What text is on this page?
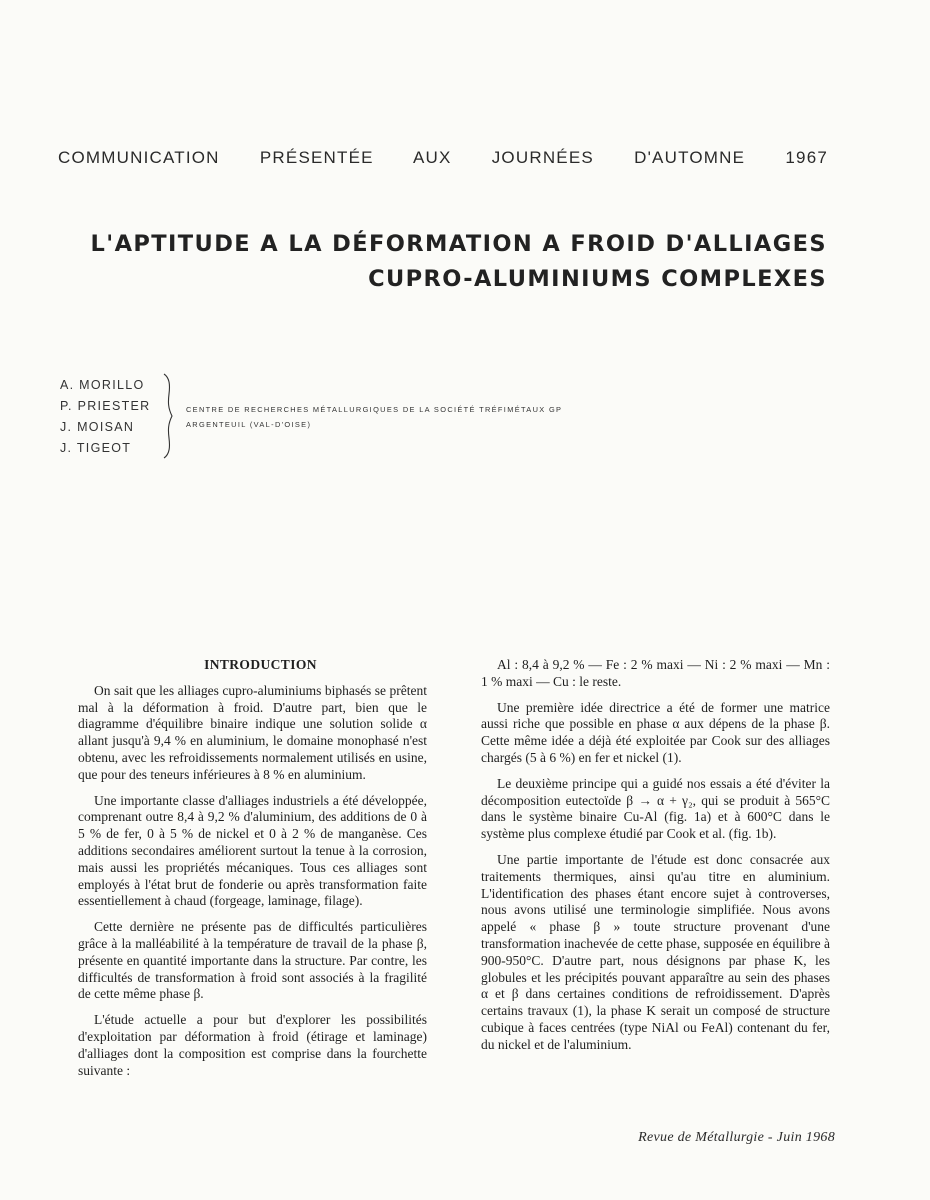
COMMUNICATION PRÉSENTÉE AUX JOURNÉES D'AUTOMNE 1967
L'APTITUDE A LA DÉFORMATION A FROID D'ALLIAGES
CUPRO-ALUMINIUMS COMPLEXES
A. MORILLO
P. PRIESTER
J. MOISAN
J. TIGEOT
CENTRE DE RECHERCHES MÉTALLURGIQUES DE LA SOCIÉTÉ TRÉFIMÉTAUX GP
ARGENTEUIL (VAL-D'OISE)

INTRODUCTION

On sait que les alliages cupro-aluminiums biphasés se prêtent mal à la déformation à froid. D'autre part, bien que le diagramme d'équilibre binaire indique une solution solide α allant jusqu'à 9,4 % en aluminium, le domaine monophasé n'est obtenu, avec les refroidissements normalement utilisés en usine, que pour des teneurs inférieures à 8 % en aluminium.

Une importante classe d'alliages industriels a été développée, comprenant outre 8,4 à 9,2 % d'aluminium, des additions de 0 à 5 % de fer, 0 à 5 % de nickel et 0 à 2 % de manganèse. Ces additions secondaires améliorent surtout la tenue à la corrosion, mais aussi les propriétés mécaniques. Tous ces alliages sont employés à l'état brut de fonderie ou après transformation faite essentiellement à chaud (forgeage, laminage, filage).

Cette dernière ne présente pas de difficultés particulières grâce à la malléabilité à la température de travail de la phase β, présente en quantité importante dans la structure. Par contre, les difficultés de transformation à froid sont associés à la fragilité de cette même phase β.

L'étude actuelle a pour but d'explorer les possibilités d'exploitation par déformation à froid (étirage et laminage) d'alliages dont la composition est comprise dans la fourchette suivante :

Al : 8,4 à 9,2 % — Fe : 2 % maxi — Ni : 2 % maxi — Mn : 1 % maxi — Cu : le reste.

Une première idée directrice a été de former une matrice aussi riche que possible en phase α aux dépens de la phase β. Cette même idée a déjà été exploitée par Cook sur des alliages chargés (5 à 6 %) en fer et nickel (1).

Le deuxième principe qui a guidé nos essais a été d'éviter la décomposition eutectoïde β → α + γ₂, qui se produit à 565°C dans le système binaire Cu-Al (fig. 1a) et à 600°C dans le système plus complexe étudié par Cook et al. (fig. 1b).

Une partie importante de l'étude est donc consacrée aux traitements thermiques, ainsi qu'au titre en aluminium. L'identification des phases étant encore sujet à controverses, nous avons utilisé une terminologie simplifiée. Nous avons appelé « phase β » toute structure provenant d'une transformation inachevée de cette phase, supposée en équilibre à 900-950°C. D'autre part, nous désignons par phase K, les globules et les précipités pouvant apparaître au sein des phases α et β dans certaines conditions de refroidissement. D'après certains travaux (1), la phase K serait un composé de structure cubique à faces centrées (type NiAl ou FeAl) contenant du fer, du nickel et de l'aluminium.

Revue de Métallurgie - Juin 1968
